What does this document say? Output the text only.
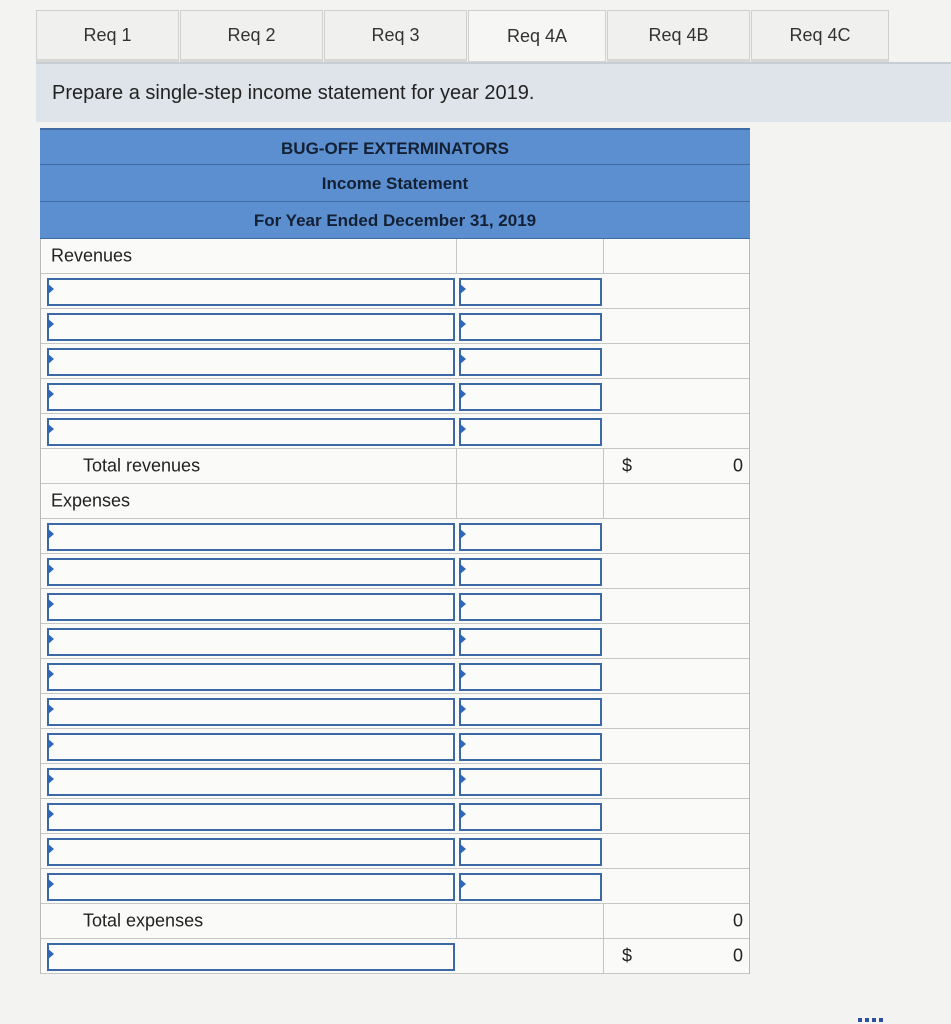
Req 1	Req 2	Req 3	Req 4A	Req 4B	Req 4C
Prepare a single-step income statement for year 2019.
BUG-OFF EXTERMINATORS
Income Statement
For Year Ended December 31, 2019
Revenues
Total revenues	$	0
Expenses
Total expenses	0
$	0
